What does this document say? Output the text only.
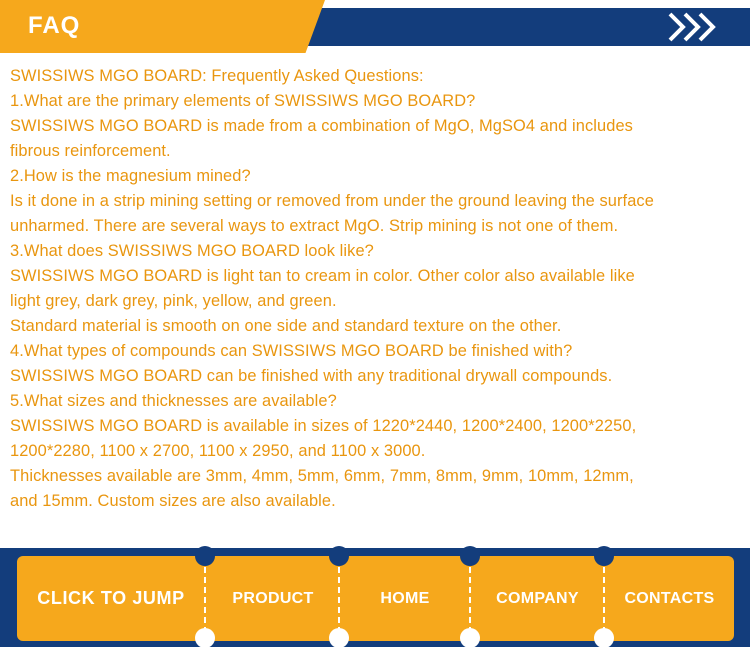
FAQ
SWISSIWS MGO BOARD: Frequently Asked Questions:
1.What are the primary elements of SWISSIWS MGO BOARD?
SWISSIWS MGO BOARD is made from a combination of MgO, MgSO4 and includes
fibrous reinforcement.
2.How is the magnesium mined?
Is it done in a strip mining setting or removed from under the ground leaving the surface
unharmed. There are several ways to extract MgO. Strip mining is not one of them.
3.What does SWISSIWS MGO BOARD look like?
SWISSIWS MGO BOARD is light tan to cream in color. Other color also available like
light grey, dark grey, pink, yellow, and green.
Standard material is smooth on one side and standard texture on the other.
4.What types of compounds can SWISSIWS MGO BOARD be finished with?
SWISSIWS MGO BOARD can be finished with any traditional drywall compounds.
5.What sizes and thicknesses are available?
SWISSIWS MGO BOARD is available in sizes of 1220*2440, 1200*2400, 1200*2250,
1200*2280, 1100 x 2700, 1100 x 2950, and 1100 x 3000.
Thicknesses available are 3mm, 4mm, 5mm, 6mm, 7mm, 8mm, 9mm, 10mm, 12mm,
and 15mm. Custom sizes are also available.
CLICK TO JUMP	PRODUCT	HOME	COMPANY	CONTACTS
